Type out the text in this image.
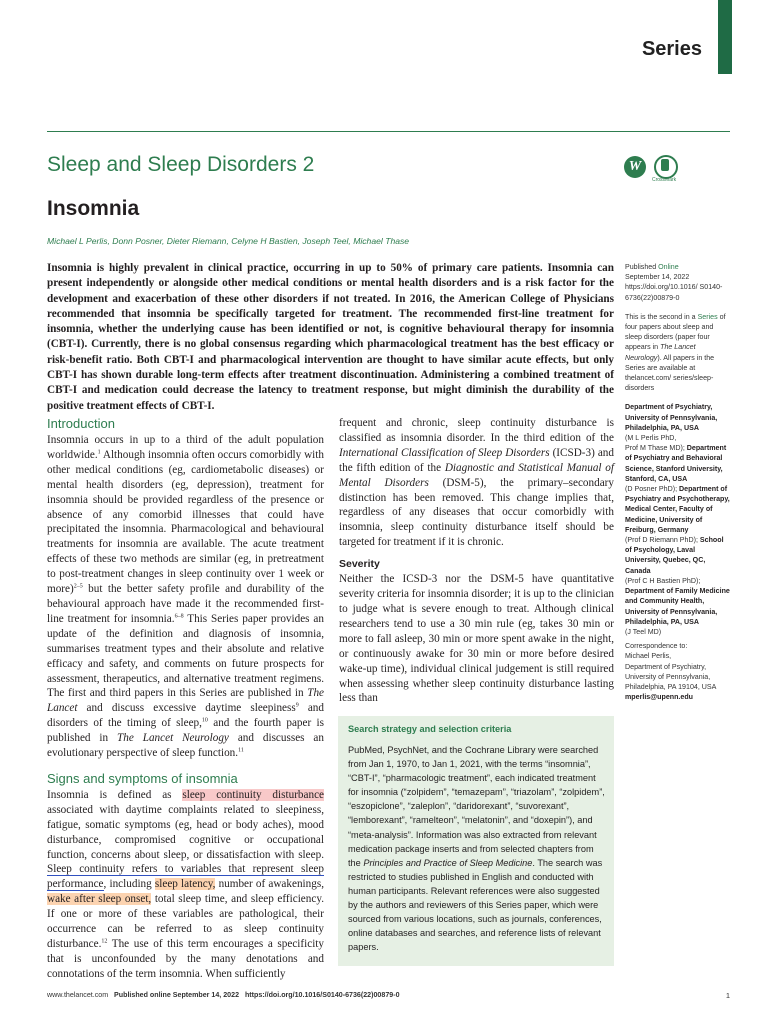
Series
Sleep and Sleep Disorders 2
Insomnia
Michael L Perlis, Donn Posner, Dieter Riemann, Celyne H Bastien, Joseph Teel, Michael Thase
W
CrossMark
Insomnia is highly prevalent in clinical practice, occurring in up to 50% of primary care patients. Insomnia can present independently or alongside other medical conditions or mental health disorders and is a risk factor for the development and exacerbation of these other disorders if not treated. In 2016, the American College of Physicians recommended that insomnia be specifically targeted for treatment. The recommended first-line treatment for insomnia, whether the underlying cause has been identified or not, is cognitive behavioural therapy for insomnia (CBT-I). Currently, there is no global consensus regarding which pharmacological treatment has the best efficacy or risk-benefit ratio. Both CBT-I and pharmacological intervention are thought to have similar acute effects, but only CBT-I has shown durable long-term effects after treatment discontinuation. Administering a combined treatment of CBT-I and medication could decrease the latency to treatment response, but might diminish the durability of the positive treatment effects of CBT-I.
Introduction

Insomnia occurs in up to a third of the adult population worldwide.$^1$ Although insomnia often occurs comorbidly with other medical conditions (eg, cardiometabolic diseases) or mental health disorders (eg, depression), treatment for insomnia should be provided regardless of the presence or absence of any comorbid illnesses that could have precipitated the insomnia. Pharmacological and behavioural treatments for insomnia are available. The acute treatment effects of these two methods are similar (eg, in pretreatment to post-treatment changes in sleep continuity over 1 week or more)$^{2-5}$ but the better safety profile and durability of the behavioural approach have made it the recommended first-line treatment for insomnia.$^{6-8}$ This Series paper provides an update of the definition and diagnosis of insomnia, summarises treatment types and their absolute and relative efficacy and safety, and comments on future prospects for assessment, therapeutics, and alternative treatment regimens. The first and third papers in this Series are published in The Lancet and discuss excessive daytime sleepiness$^9$ and disorders of the timing of sleep,$^{10}$ and the fourth paper is published in The Lancet Neurology and discusses an evolutionary perspective of sleep function.$^{11}$

Signs and symptoms of insomnia

Insomnia is defined as sleep continuity disturbance associated with daytime complaints related to sleepiness, fatigue, somatic symptoms (eg, head or body aches), mood disturbance, compromised cognitive or occupational function, concerns about sleep, or dissatisfaction with sleep. Sleep continuity refers to variables that represent sleep performance, including sleep latency, number of awakenings, wake after sleep onset, total sleep time, and sleep efficiency. If one or more of these variables are pathological, their occurrence can be referred to as sleep continuity disturbance.$^{12}$ The use of this term encourages a specificity that is unconfounded by the many denotations and connotations of the term insomnia. When sufficiently

frequent and chronic, sleep continuity disturbance is classified as insomnia disorder. In the third edition of the International Classification of Sleep Disorders (ICSD-3) and the fifth edition of the Diagnostic and Statistical Manual of Mental Disorders (DSM-5), the primary–secondary distinction has been removed. This change implies that, regardless of any diseases that occur comorbidly with insomnia, sleep continuity disturbance itself should be targeted for treatment if it is chronic.

Severity

Neither the ICSD-3 nor the DSM-5 have quantitative severity criteria for insomnia disorder; it is up to the clinician to judge what is severe enough to treat. Although clinical researchers tend to use a 30 min rule (eg, takes 30 min or more to fall asleep, 30 min or more spent awake in the night, or continuously awake for 30 min or more before desired wake-up time), individual clinical judgement is still required when assessing whether sleep continuity disturbance lasting less than

Search strategy and selection criteria
PubMed, PsychNet, and the Cochrane Library were searched from Jan 1, 1970, to Jan 1, 2021, with the terms “insomnia”, “CBT-I”, “pharmacologic treatment”, each indicated treatment for insomnia (“zolpidem”, “temazepam”, “triazolam”, “zolpidem”, “eszopiclone”, “zaleplon”, “daridorexant”, “suvorexant”, “lemborexant”, “ramelteon”, “melatonin”, and “doxepin”), and “meta-analysis”. Information was also extracted from relevant medication package inserts and from selected chapters from the Principles and Practice of Sleep Medicine. The search was restricted to studies published in English and conducted with human participants. Relevant references were also suggested by the authors and reviewers of this Series paper, which were sourced from various locations, such as journals, conferences, online databases and searches, and reference lists of relevant papers.

Published Online
September 14, 2022
https://doi.org/10.1016/ S0140-6736(22)00879-0

This is the second in a Series of four papers about sleep and sleep disorders (paper four appears in The Lancet Neurology). All papers in the Series are available at thelancet.com/ series/sleep-disorders

Department of Psychiatry, University of Pennsylvania, Philadelphia, PA, USA
(M L Perlis PhD,
Prof M Thase MD); Department of Psychiatry and Behavioral Science, Stanford University, Stanford, CA, USA
(D Posner PhD); Department of Psychiatry and Psychotherapy, Medical Center, Faculty of Medicine, University of Freiburg, Germany
(Prof D Riemann PhD); School of Psychology, Laval University, Quebec, QC, Canada
(Prof C H Bastien PhD); Department of Family Medicine and Community Health, University of Pennsylvania, Philadelphia, PA, USA
(J Teel MD)

Correspondence to:
Michael Perlis,
Department of Psychiatry, University of Pennsylvania, Philadelphia, PA 19104, USA
mperlis@upenn.edu

www.thelancet.com Published online September 14, 2022 https://doi.org/10.1016/S0140-6736(22)00879-0	1
